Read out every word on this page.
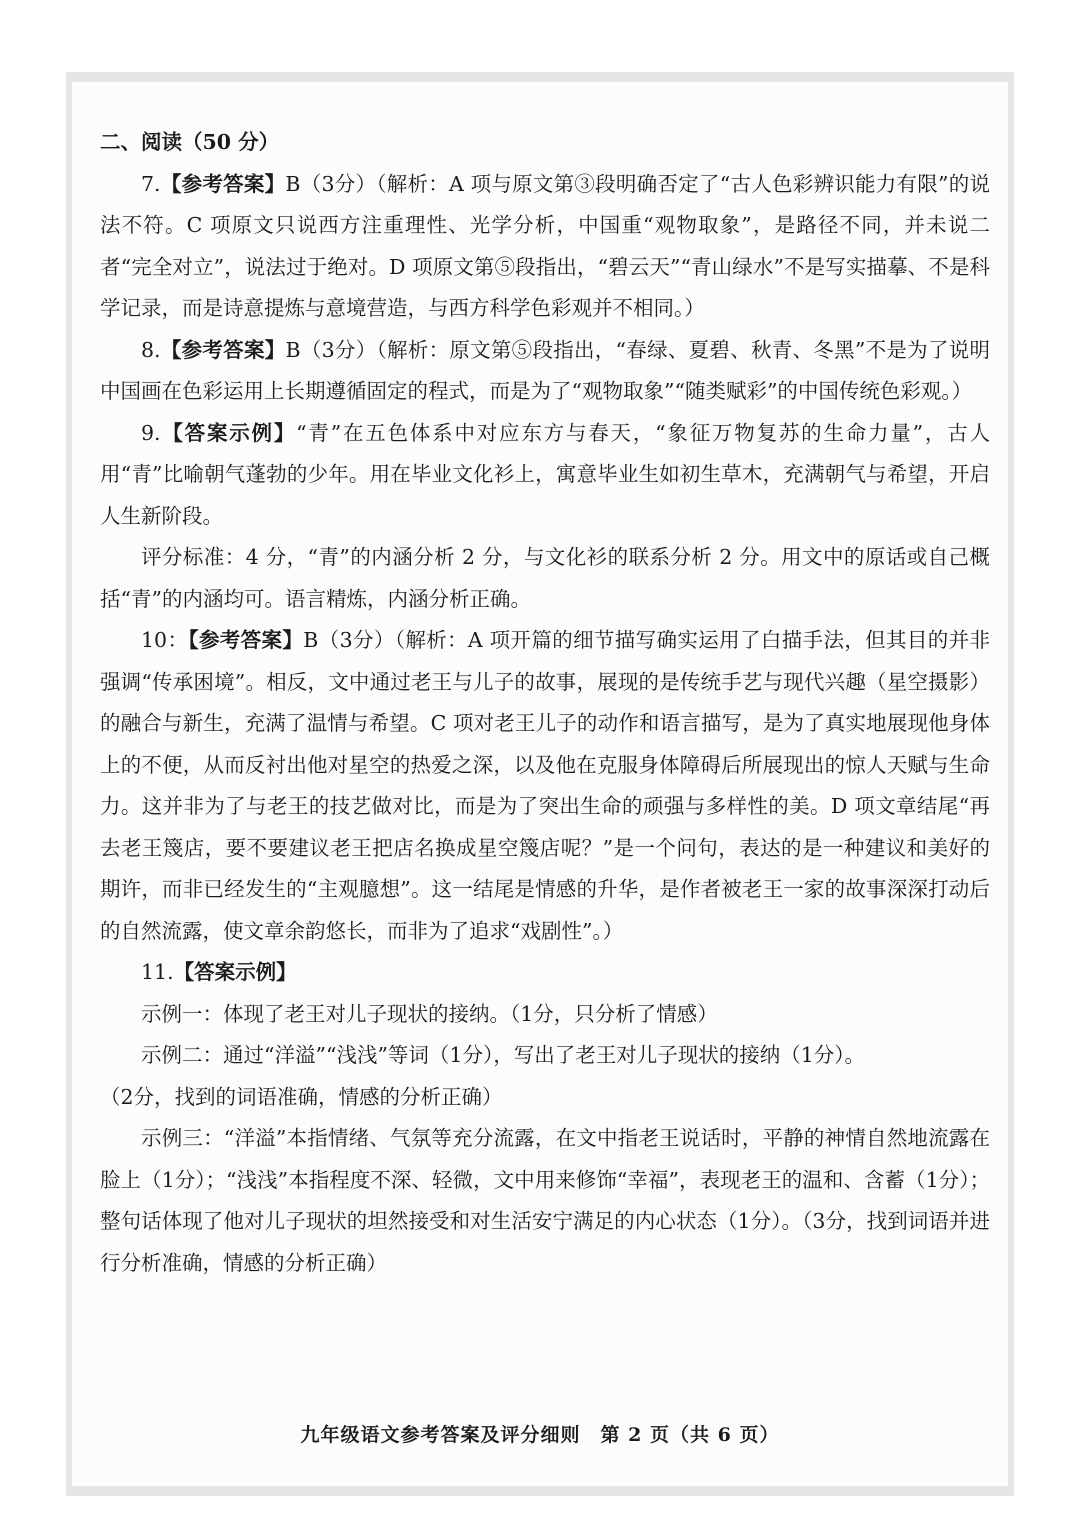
二、阅读（50 分）

7.【参考答案】B（3分）（解析：A 项与原文第③段明确否定了“古人色彩辨识能力有限”的说法不符。C 项原文只说西方注重理性、光学分析，中国重“观物取象”，是路径不同，并未说二者“完全对立”，说法过于绝对。D 项原文第⑤段指出，“碧云天”“青山绿水”不是写实描摹、不是科学记录，而是诗意提炼与意境营造，与西方科学色彩观并不相同。）

8.【参考答案】B（3分）（解析：原文第⑤段指出，“春绿、夏碧、秋青、冬黑”不是为了说明中国画在色彩运用上长期遵循固定的程式，而是为了“观物取象”“随类赋彩”的中国传统色彩观。）

9.【答案示例】“青”在五色体系中对应东方与春天，“象征万物复苏的生命力量”，古人用“青”比喻朝气蓬勃的少年。用在毕业文化衫上，寓意毕业生如初生草木，充满朝气与希望，开启人生新阶段。

评分标准：4 分，“青”的内涵分析 2 分，与文化衫的联系分析 2 分。用文中的原话或自己概括“青”的内涵均可。语言精炼，内涵分析正确。

10：【参考答案】B（3分）（解析：A 项开篇的细节描写确实运用了白描手法，但其目的并非强调“传承困境”。相反，文中通过老王与儿子的故事，展现的是传统手艺与现代兴趣（星空摄影）的融合与新生，充满了温情与希望。C 项对老王儿子的动作和语言描写，是为了真实地展现他身体上的不便，从而反衬出他对星空的热爱之深，以及他在克服身体障碍后所展现出的惊人天赋与生命力。这并非为了与老王的技艺做对比，而是为了突出生命的顽强与多样性的美。D 项文章结尾“再去老王篾店，要不要建议老王把店名换成星空篾店呢？”是一个问句，表达的是一种建议和美好的期许，而非已经发生的“主观臆想”。这一结尾是情感的升华，是作者被老王一家的故事深深打动后的自然流露，使文章余韵悠长，而非为了追求“戏剧性”。）

11.【答案示例】

示例一：体现了老王对儿子现状的接纳。（1分，只分析了情感）

示例二：通过“洋溢”“浅浅”等词（1分），写出了老王对儿子现状的接纳（1分）。

（2分，找到的词语准确，情感的分析正确）

示例三：“洋溢”本指情绪、气氛等充分流露，在文中指老王说话时，平静的神情自然地流露在脸上（1分）；“浅浅”本指程度不深、轻微，文中用来修饰“幸福”，表现老王的温和、含蓄（1分）；整句话体现了他对儿子现状的坦然接受和对生活安宁满足的内心状态（1分）。（3分，找到词语并进行分析准确，情感的分析正确）

九年级语文参考答案及评分细则　第 2 页（共 6 页）
